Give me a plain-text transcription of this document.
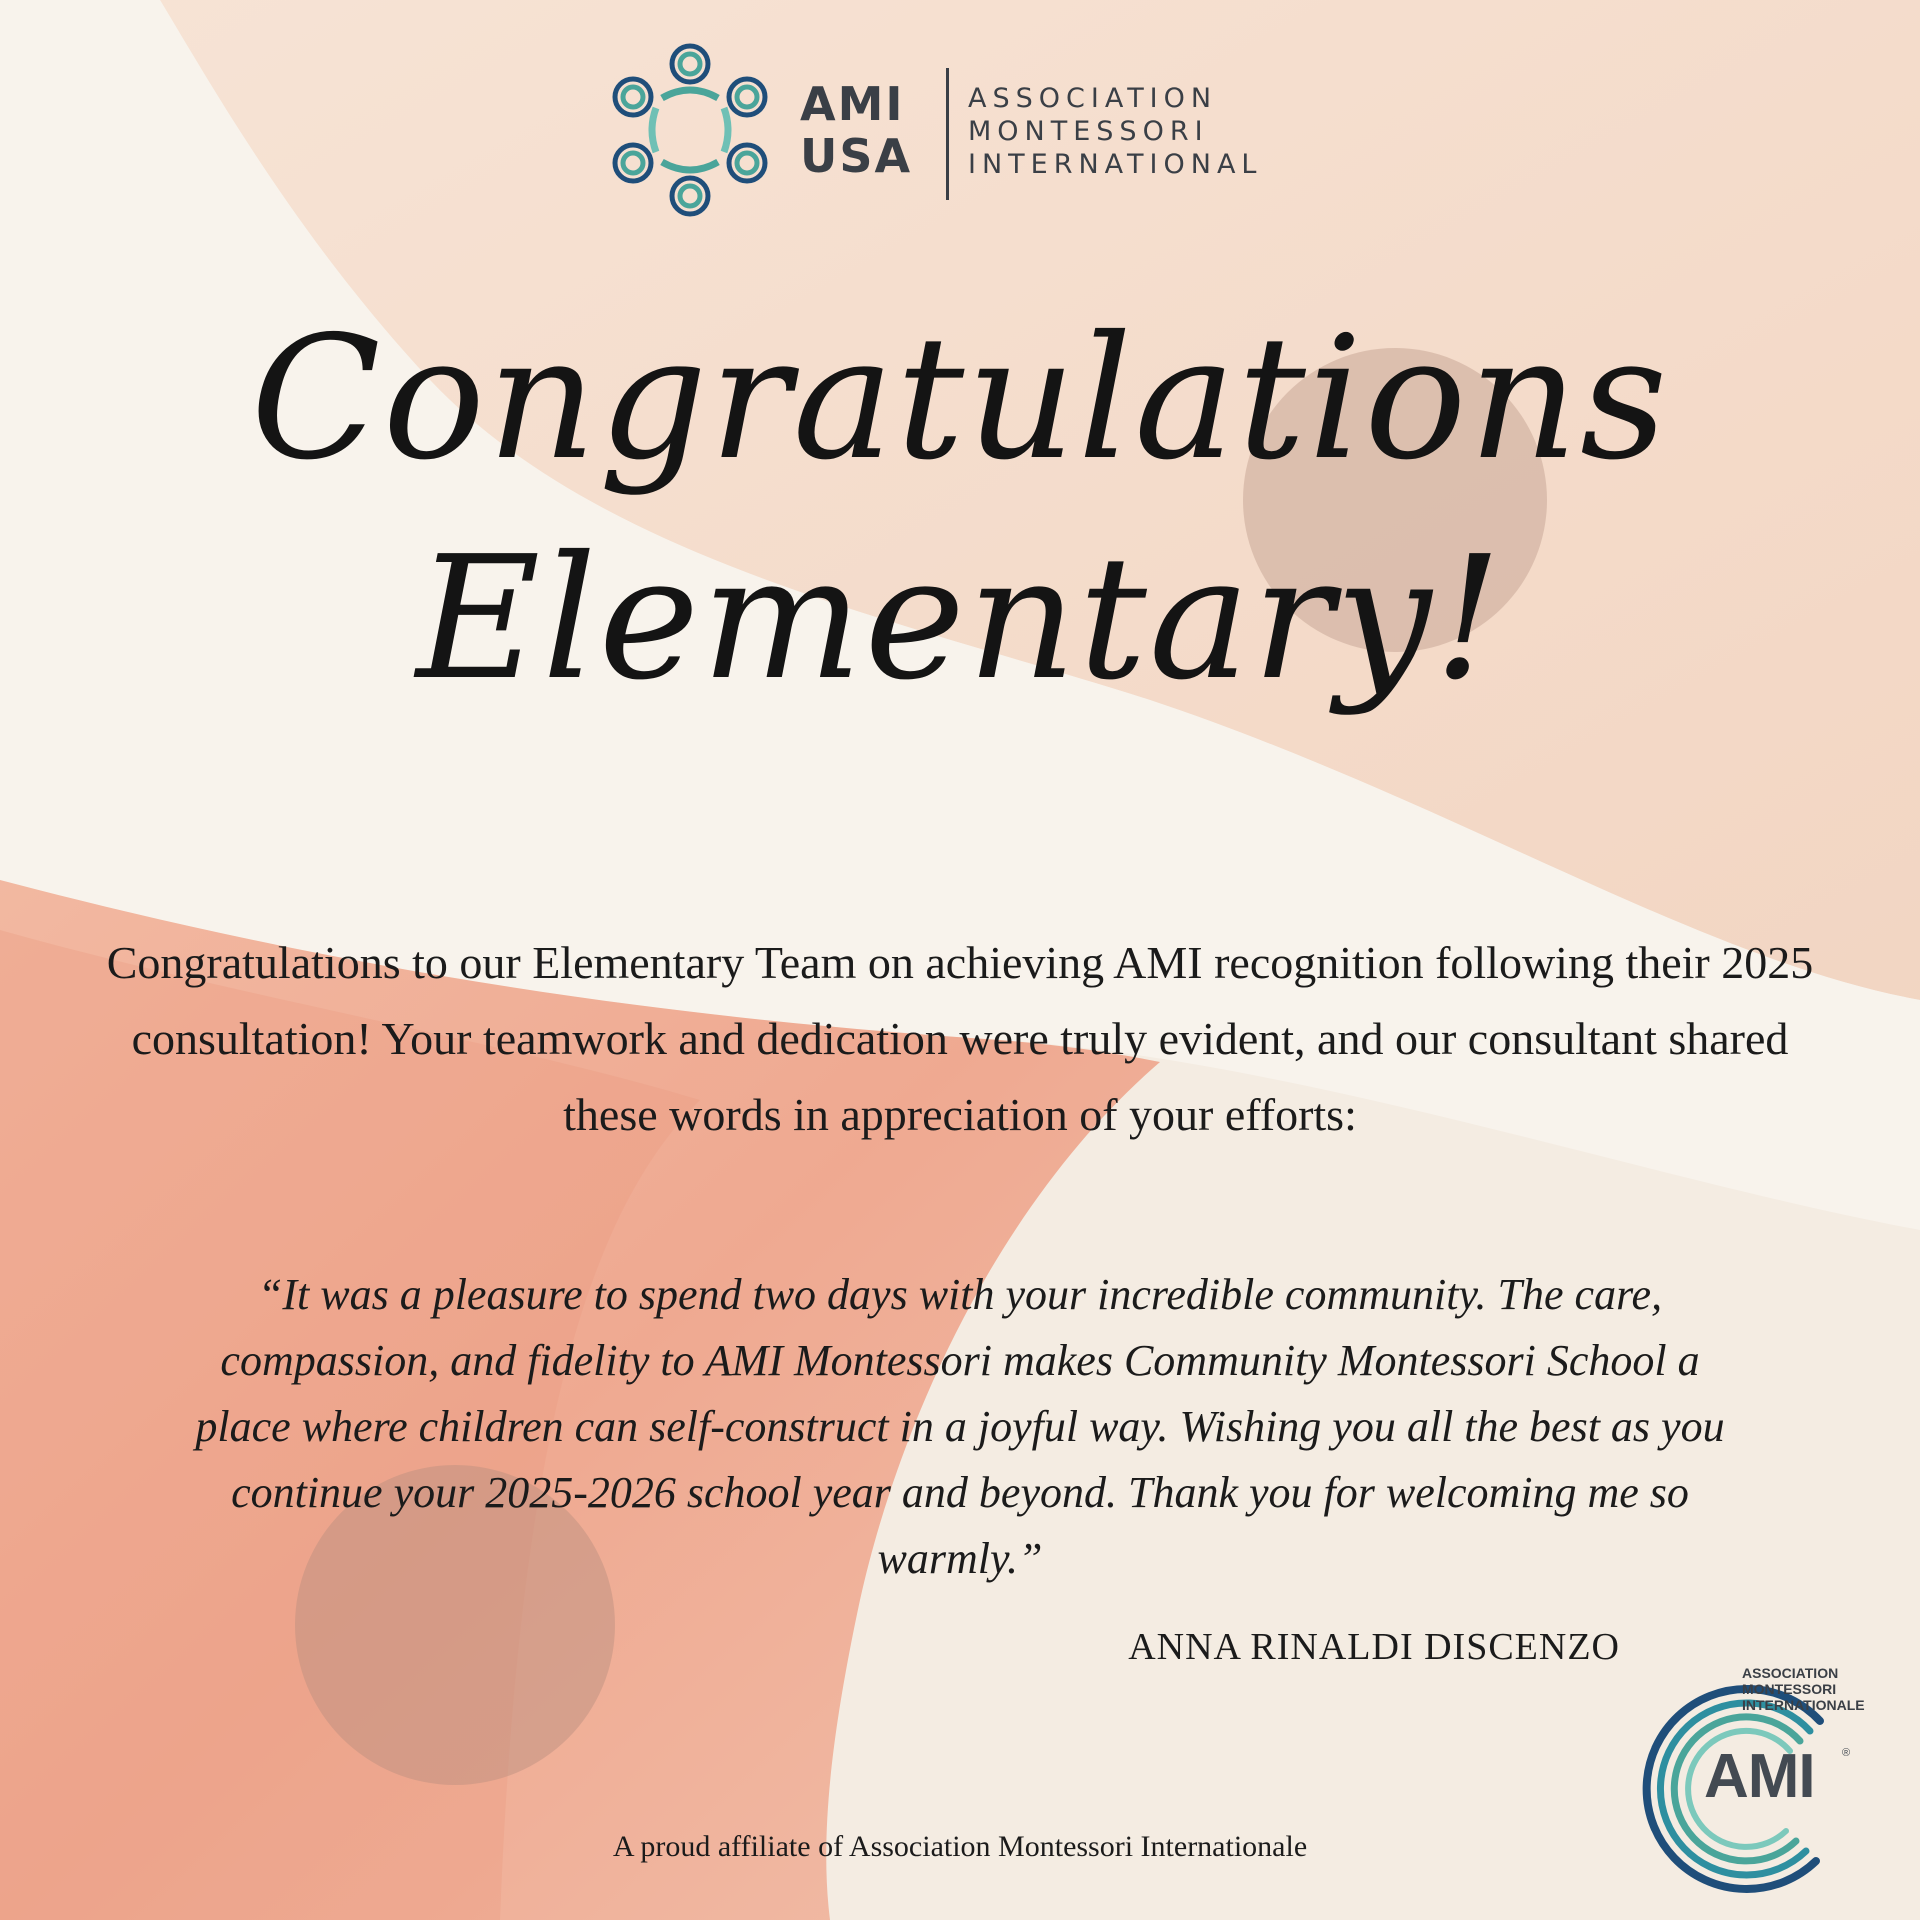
AMI
USA
ASSOCIATION
MONTESSORI
INTERNATIONAL
Congratulations
Elementary!
Congratulations to our Elementary Team on achieving AMI recognition following their 2025 consultation! Your teamwork and dedication were truly evident, and our consultant shared these words in appreciation of your efforts:
“It was a pleasure to spend two days with your incredible community. The care, compassion, and fidelity to AMI Montessori makes Community Montessori School a place where children can self-construct in a joyful way. Wishing you all the best as you continue your 2025-2026 school year and beyond. Thank you for welcoming me so warmly.”
ANNA RINALDI DISCENZO
ASSOCIATION
MONTESSORI
INTERNATIONALE
AMI ®
A proud affiliate of Association Montessori Internationale
